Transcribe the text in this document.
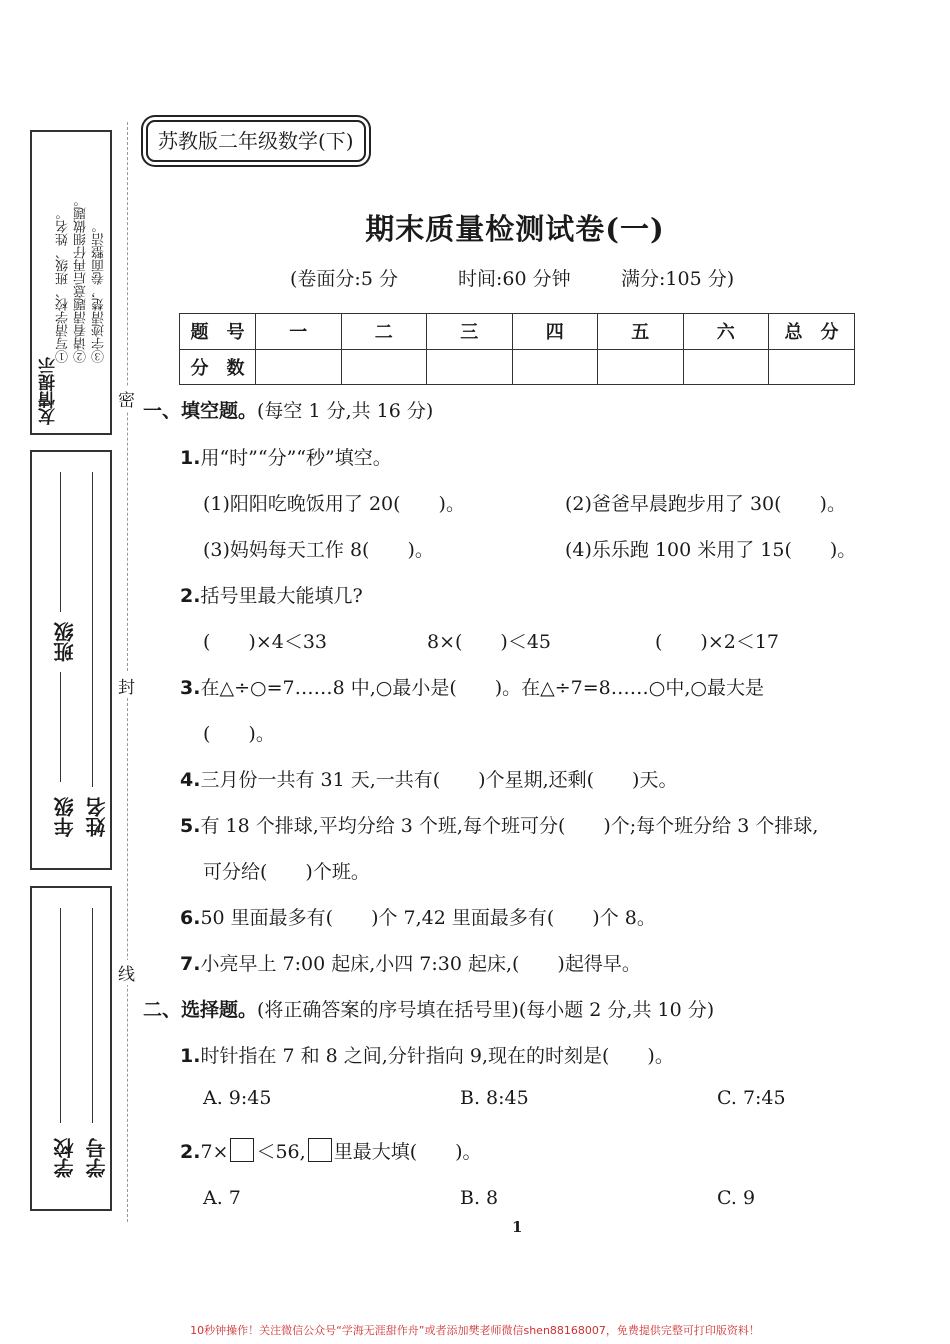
友情提示
①写清学校、班级、姓名。 ②请看清题意后再仔细做题。 ③字迹清楚，卷面整洁。
班级
年级 姓名
学校 学号
密
封
线
苏教版二年级数学(下)
期末质量检测试卷(一)
(卷面分:5 分	时间:60 分钟	满分:105 分)
题　号	一	二	三	四	五	六	总　分
分　数							
一、填空题。(每空 1 分,共 16 分)
1.用“时”“分”“秒”填空。
(1)阳阳吃晚饭用了 20(　　)。	(2)爸爸早晨跑步用了 30(　　)。
(3)妈妈每天工作 8(　　)。	(4)乐乐跑 100 米用了 15(　　)。
2.括号里最大能填几?
(　　)×4＜33	8×(　　)＜45	(　　)×2＜17
3.在△÷○=7……8 中,○最小是(　　)。在△÷7=8……○中,○最大是
(　　)。
4.三月份一共有 31 天,一共有(　　)个星期,还剩(　　)天。
5.有 18 个排球,平均分给 3 个班,每个班可分(　　)个;每个班分给 3 个排球,
可分给(　　)个班。
6.50 里面最多有(　　)个 7,42 里面最多有(　　)个 8。
7.小亮早上 7:00 起床,小四 7:30 起床,(　　)起得早。
二、选择题。(将正确答案的序号填在括号里)(每小题 2 分,共 10 分)
1.时针指在 7 和 8 之间,分针指向 9,现在的时刻是(　　)。
A. 9:45	B. 8:45	C. 7:45
2.7× ＜56, 里最大填(　　)。
A. 7	B. 8	C. 9
1
10秒钟操作！关注微信公众号“学海无涯甜作舟”或者添加樊老师微信shen88168007，免费提供完整可打印版资料！
